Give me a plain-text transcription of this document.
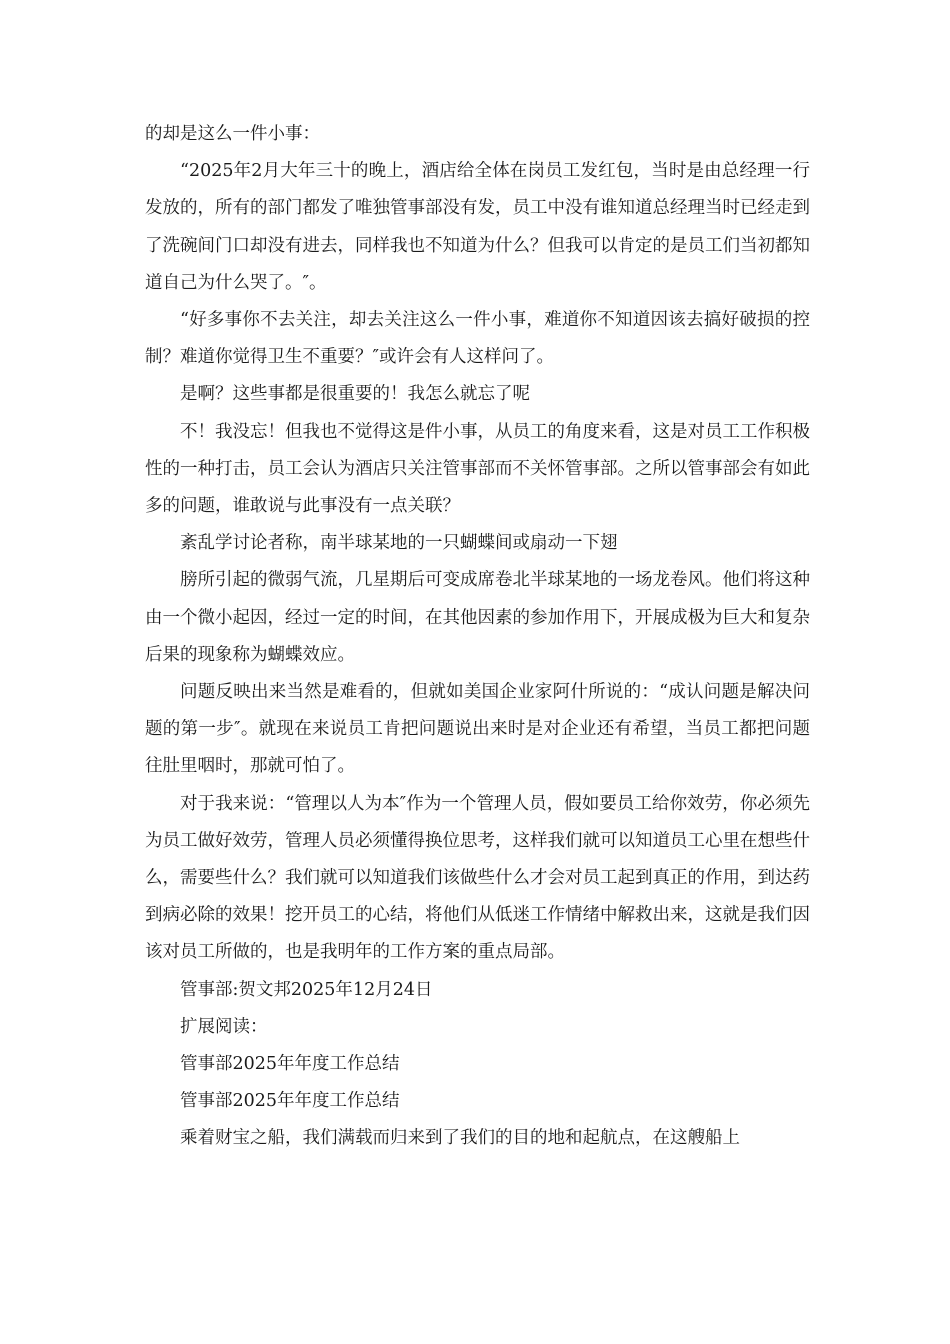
的却是这么一件小事：

“2025年2月大年三十的晚上，酒店给全体在岗员工发红包，当时是由总经理一行发放的，所有的部门都发了唯独管事部没有发，员工中没有谁知道总经理当时已经走到了洗碗间门口却没有进去，同样我也不知道为什么？但我可以肯定的是员工们当初都知道自己为什么哭了。″。

“好多事你不去关注，却去关注这么一件小事，难道你不知道因该去搞好破损的控制？难道你觉得卫生不重要？″或许会有人这样问了。

是啊？这些事都是很重要的！我怎么就忘了呢

不！我没忘！但我也不觉得这是件小事，从员工的角度来看，这是对员工工作积极性的一种打击，员工会认为酒店只关注管事部而不关怀管事部。之所以管事部会有如此多的问题，谁敢说与此事没有一点关联？

紊乱学讨论者称，南半球某地的一只蝴蝶间或扇动一下翅

膀所引起的微弱气流，几星期后可变成席卷北半球某地的一场龙卷风。他们将这种由一个微小起因，经过一定的时间，在其他因素的参加作用下，开展成极为巨大和复杂后果的现象称为蝴蝶效应。

问题反映出来当然是难看的，但就如美国企业家阿什所说的：“成认问题是解决问题的第一步″。就现在来说员工肯把问题说出来时是对企业还有希望，当员工都把问题往肚里咽时，那就可怕了。

对于我来说：“管理以人为本″作为一个管理人员，假如要员工给你效劳，你必须先为员工做好效劳，管理人员必须懂得换位思考，这样我们就可以知道员工心里在想些什么，需要些什么？我们就可以知道我们该做些什么才会对员工起到真正的作用，到达药到病必除的效果！挖开员工的心结，将他们从低迷工作情绪中解救出来，这就是我们因该对员工所做的，也是我明年的工作方案的重点局部。

管事部:贺文邦2025年12月24日

扩展阅读：

管事部2025年年度工作总结

管事部2025年年度工作总结

乘着财宝之船，我们满载而归来到了我们的目的地和起航点，在这艘船上
